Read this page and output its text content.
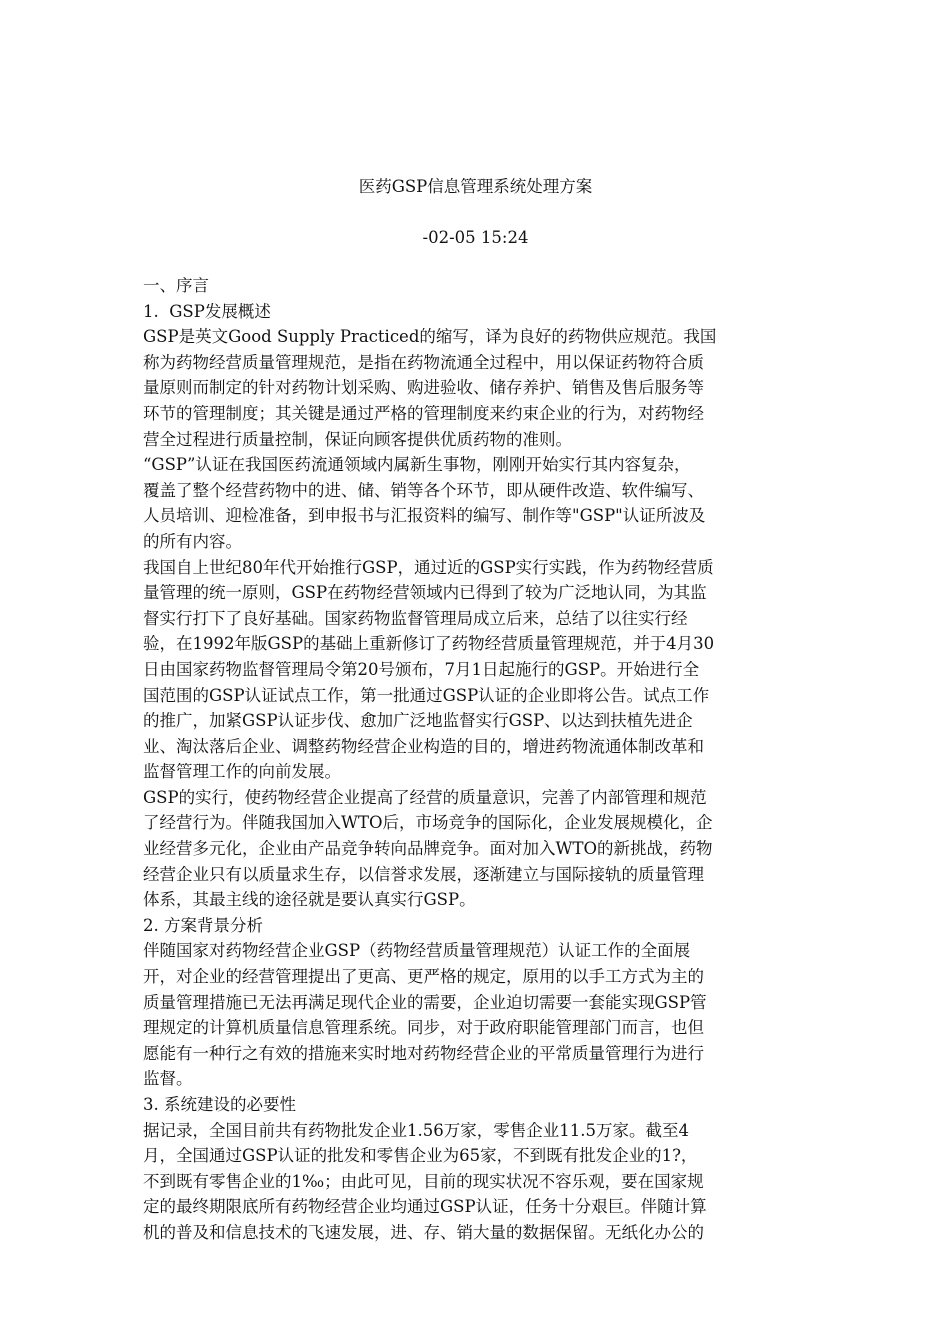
医药GSP信息管理系统处理方案
-02-05 15:24
一、序言
1.  GSP发展概述
GSP是英文Good Supply Practiced的缩写，译为良好的药物供应规范。我国
称为药物经营质量管理规范，是指在药物流通全过程中，用以保证药物符合质
量原则而制定的针对药物计划采购、购进验收、储存养护、销售及售后服务等
环节的管理制度；其关键是通过严格的管理制度来约束企业的行为，对药物经
营全过程进行质量控制，保证向顾客提供优质药物的准则。
“GSP”认证在我国医药流通领域内属新生事物，刚刚开始实行其内容复杂，
覆盖了整个经营药物中的进、储、销等各个环节，即从硬件改造、软件编写、
人员培训、迎检准备，到申报书与汇报资料的编写、制作等"GSP"认证所波及
的所有内容。
我国自上世纪80年代开始推行GSP，通过近的GSP实行实践，作为药物经营质
量管理的统一原则，GSP在药物经营领域内已得到了较为广泛地认同，为其监
督实行打下了良好基础。国家药物监督管理局成立后来，总结了以往实行经
验，在1992年版GSP的基础上重新修订了药物经营质量管理规范，并于4月30
日由国家药物监督管理局令第20号颁布，7月1日起施行的GSP。开始进行全
国范围的GSP认证试点工作，第一批通过GSP认证的企业即将公告。试点工作
的推广，加紧GSP认证步伐、愈加广泛地监督实行GSP、以达到扶植先进企
业、淘汰落后企业、调整药物经营企业构造的目的，增进药物流通体制改革和
监督管理工作的向前发展。
GSP的实行，使药物经营企业提高了经营的质量意识，完善了内部管理和规范
了经营行为。伴随我国加入WTO后，市场竞争的国际化，企业发展规模化，企
业经营多元化，企业由产品竞争转向品牌竞争。面对加入WTO的新挑战，药物
经营企业只有以质量求生存，以信誉求发展，逐渐建立与国际接轨的质量管理
体系，其最主线的途径就是要认真实行GSP。
2. 方案背景分析
伴随国家对药物经营企业GSP（药物经营质量管理规范）认证工作的全面展
开，对企业的经营管理提出了更高、更严格的规定，原用的以手工方式为主的
质量管理措施已无法再满足现代企业的需要，企业迫切需要一套能实现GSP管
理规定的计算机质量信息管理系统。同步，对于政府职能管理部门而言，也但
愿能有一种行之有效的措施来实时地对药物经营企业的平常质量管理行为进行
监督。
3. 系统建设的必要性
据记录，全国目前共有药物批发企业1.56万家，零售企业11.5万家。截至4
月，全国通过GSP认证的批发和零售企业为65家，不到既有批发企业的1?，
不到既有零售企业的1‰；由此可见，目前的现实状况不容乐观，要在国家规
定的最终期限底所有药物经营企业均通过GSP认证，任务十分艰巨。伴随计算
机的普及和信息技术的飞速发展，进、存、销大量的数据保留。无纸化办公的
